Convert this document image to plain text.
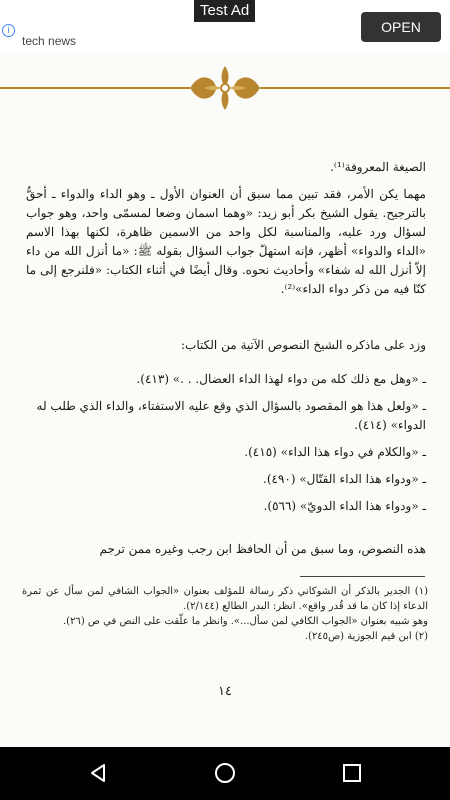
Test Ad
i
tech news
OPEN
الصيغة المعروفة⁽¹⁾.
مهما يكن الأمر، فقد تبين مما سبق أن العنوان الأول ـ وهو الداء والدواء ـ أحقُّ بالترجيح. يقول الشيخ بكر أبو زيد: «وهما اسمان وضعا لمسمّى واحد، وهو جواب لسؤال ورد عليه، والمناسبة لكل واحد من الاسمين ظاهرة، لكنها بهذا الاسم «الداء والدواء» أظهر، فإنه استهلّ جواب السؤال بقوله ﷺ: «ما أنزل الله من داء إلاّ أنزل الله له شفاء» وأحاديث نحوه. وقال أيضًا في أثناء الكتاب: «فلنرجع إلى ما كنّا فيه من ذكر دواء الداء»⁽²⁾.
وزد على ماذكره الشيخ النصوص الآتية من الكتاب:
ـ «وهل مع ذلك كله من دواء لهذا الداء العضال. . .» (٤١٣).
ـ «ولعل هذا هو المقصود بالسؤال الذي وقع عليه الاستفتاء، والداء الذي طلب له الدواء» (٤١٤).
ـ «والكلام في دواء هذا الداء» (٤١٥).
ـ «ودواء هذا الداء القتّال» (٤٩٠).
ـ «ودواء هذا الداء الدويّ» (٥٦٦).
هذه النصوص، وما سبق من أن الحافظ ابن رجب وغيره ممن ترجم
(١) الجدير بالذكر أن الشوكاني ذكر رسالة للمؤلف بعنوان «الجواب الشافي لمن سأل عن ثمرة الدعاء إذا كان ما قد قُدر واقع». انظر: البدر الطالع (٢/١٤٤).
وهو شبيه بعنوان «الجواب الكافي لمن سأل...». وانظر ما علّقت على النص في ص (٢٦).
(٢) ابن قيم الجوزية (ص٢٤٥).
١٤
